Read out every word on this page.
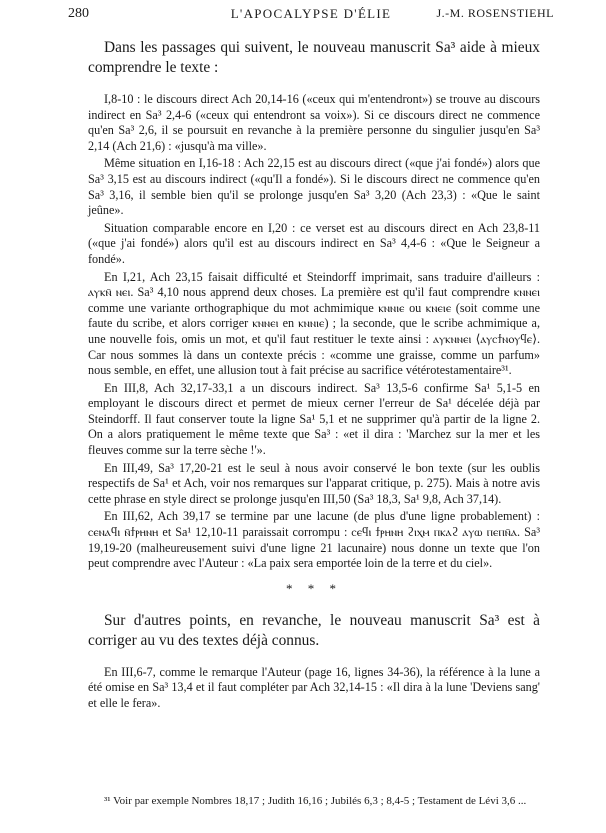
280	L'APOCALYPSE D'ÉLIE	J.-M. ROSENSTIEHL

Dans les passages qui suivent, le nouveau manuscrit Sa³ aide à mieux comprendre le texte :

I,8-10 : le discours direct Ach 20,14-16 («ceux qui m'entendront») se trouve au discours indirect en Sa³ 2,4-6 («ceux qui entendront sa voix»). Si ce discours direct ne commence qu'en Sa³ 2,6, il se poursuit en revanche à la première personne du singulier jusqu'en Sa³ 2,14 (Ach 21,6) : «jusqu'à ma ville».

Même situation en I,16-18 : Ach 22,15 est au discours direct («que j'ai fondé») alors que Sa³ 3,15 est au discours indirect («qu'Il a fondé»). Si le discours direct ne commence qu'en Sa³ 3,16, il semble bien qu'il se prolonge jusqu'en Sa³ 3,20 (Ach 23,3) : «Que le saint jeûne».

Situation comparable encore en I,20 : ce verset est au discours direct en Ach 23,8-11 («que j'ai fondé») alors qu'il est au discours indirect en Sa³ 4,4-6 : «Que le Seigneur a fondé».

En I,21, Ach 23,15 faisait difficulté et Steindorff imprimait, sans traduire d'ailleurs : ⲁⲩⲕⲛ̄ ⲛⲉⲓ. Sa³ 4,10 nous apprend deux choses. La première est qu'il faut comprendre ⲕⲛⲛⲉⲓ comme une variante orthographique du mot achmimique ⲕⲛⲛⲓⲉ ou ⲕⲛⲉⲓⲉ (soit comme une faute du scribe, et alors corriger ⲕⲛⲛⲉⲓ en ⲕⲛⲛⲓⲉ) ; la seconde, que le scribe achmimique a, une nouvelle fois, omis un mot, et qu'il faut restituer le texte ainsi : ⲁⲩⲕⲛⲛⲉⲓ ⟨ⲁⲩⲥϯⲛⲟⲩϥⲉ⟩. Car nous sommes là dans un contexte précis : «comme une graisse, comme un parfum» nous semble, en effet, une allusion tout à fait précise au sacrifice vétérotestamentaire³¹.

En III,8, Ach 32,17-33,1 a un discours indirect. Sa³ 13,5-6 confirme Sa¹ 5,1-5 en employant le discours direct et permet de mieux cerner l'erreur de Sa¹ décelée déjà par Steindorff. Il faut conserver toute la ligne Sa¹ 5,1 et ne supprimer qu'à partir de la ligne 2. On a alors pratiquement le même texte que Sa³ : «et il dira : 'Marchez sur la mer et les fleuves comme sur la terre sèche !'».

En III,49, Sa³ 17,20-21 est le seul à nous avoir conservé le bon texte (sur les oublis respectifs de Sa¹ et Ach, voir nos remarques sur l'apparat critique, p. 275). Mais à notre avis cette phrase en style direct se prolonge jusqu'en III,50 (Sa³ 18,3, Sa¹ 9,8, Ach 37,14).

En III,62, Ach 39,17 se termine par une lacune (de plus d'une ligne probablement) : ⲥⲉⲛⲁϥⲓ ⲛ̄ϯⲣⲏⲛⲏ et Sa¹ 12,10-11 paraissait corrompu : ⲥⲉϥⲓ ϯⲣⲏⲛⲏ ϩⲓⲭⲙ ⲡⲕⲁϩ ⲁⲩⲱ ⲡⲉⲡⲛ̄ⲁ. Sa³ 19,19-20 (malheureusement suivi d'une ligne 21 lacunaire) nous donne un texte que l'on peut comprendre avec l'Auteur : «La paix sera emportée loin de la terre et du ciel».

* * *

Sur d'autres points, en revanche, le nouveau manuscrit Sa³ est à corriger au vu des textes déjà connus.

En III,6-7, comme le remarque l'Auteur (page 16, lignes 34-36), la référence à la lune a été omise en Sa³ 13,4 et il faut compléter par Ach 32,14-15 : «Il dira à la lune 'Deviens sang' et elle le fera».

³¹ Voir par exemple Nombres 18,17 ; Judith 16,16 ; Jubilés 6,3 ; 8,4-5 ; Testament de Lévi 3,6 ...
